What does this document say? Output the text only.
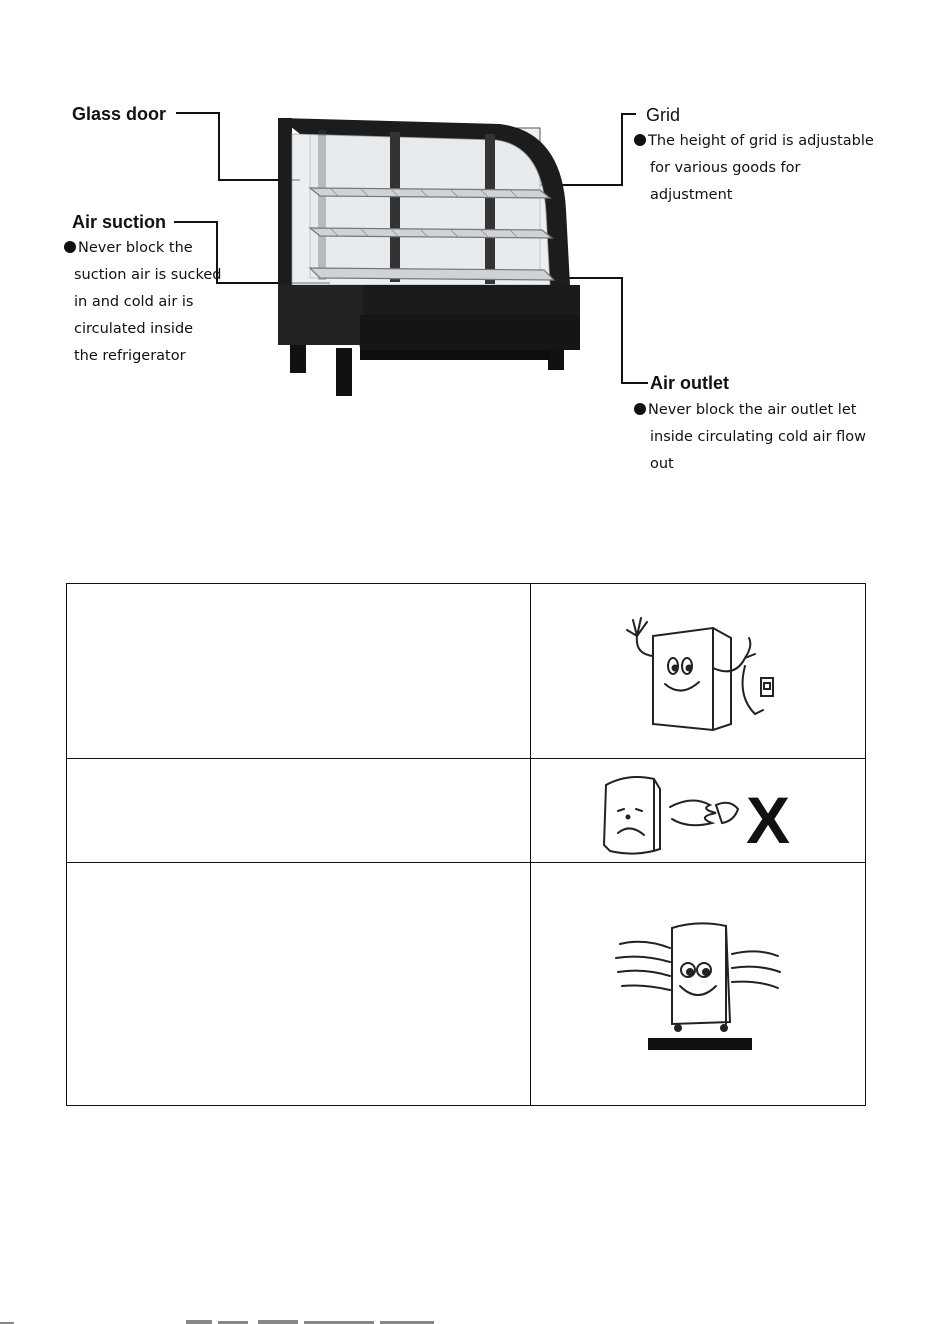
Glass door
Air suction
Never block the
suction air is sucked
in and cold air is
circulated inside
the refrigerator
Grid
The height of grid is adjustable
for various goods for
adjustment
Air outlet
Never block the air outlet let
inside circulating cold air flow
out

X
